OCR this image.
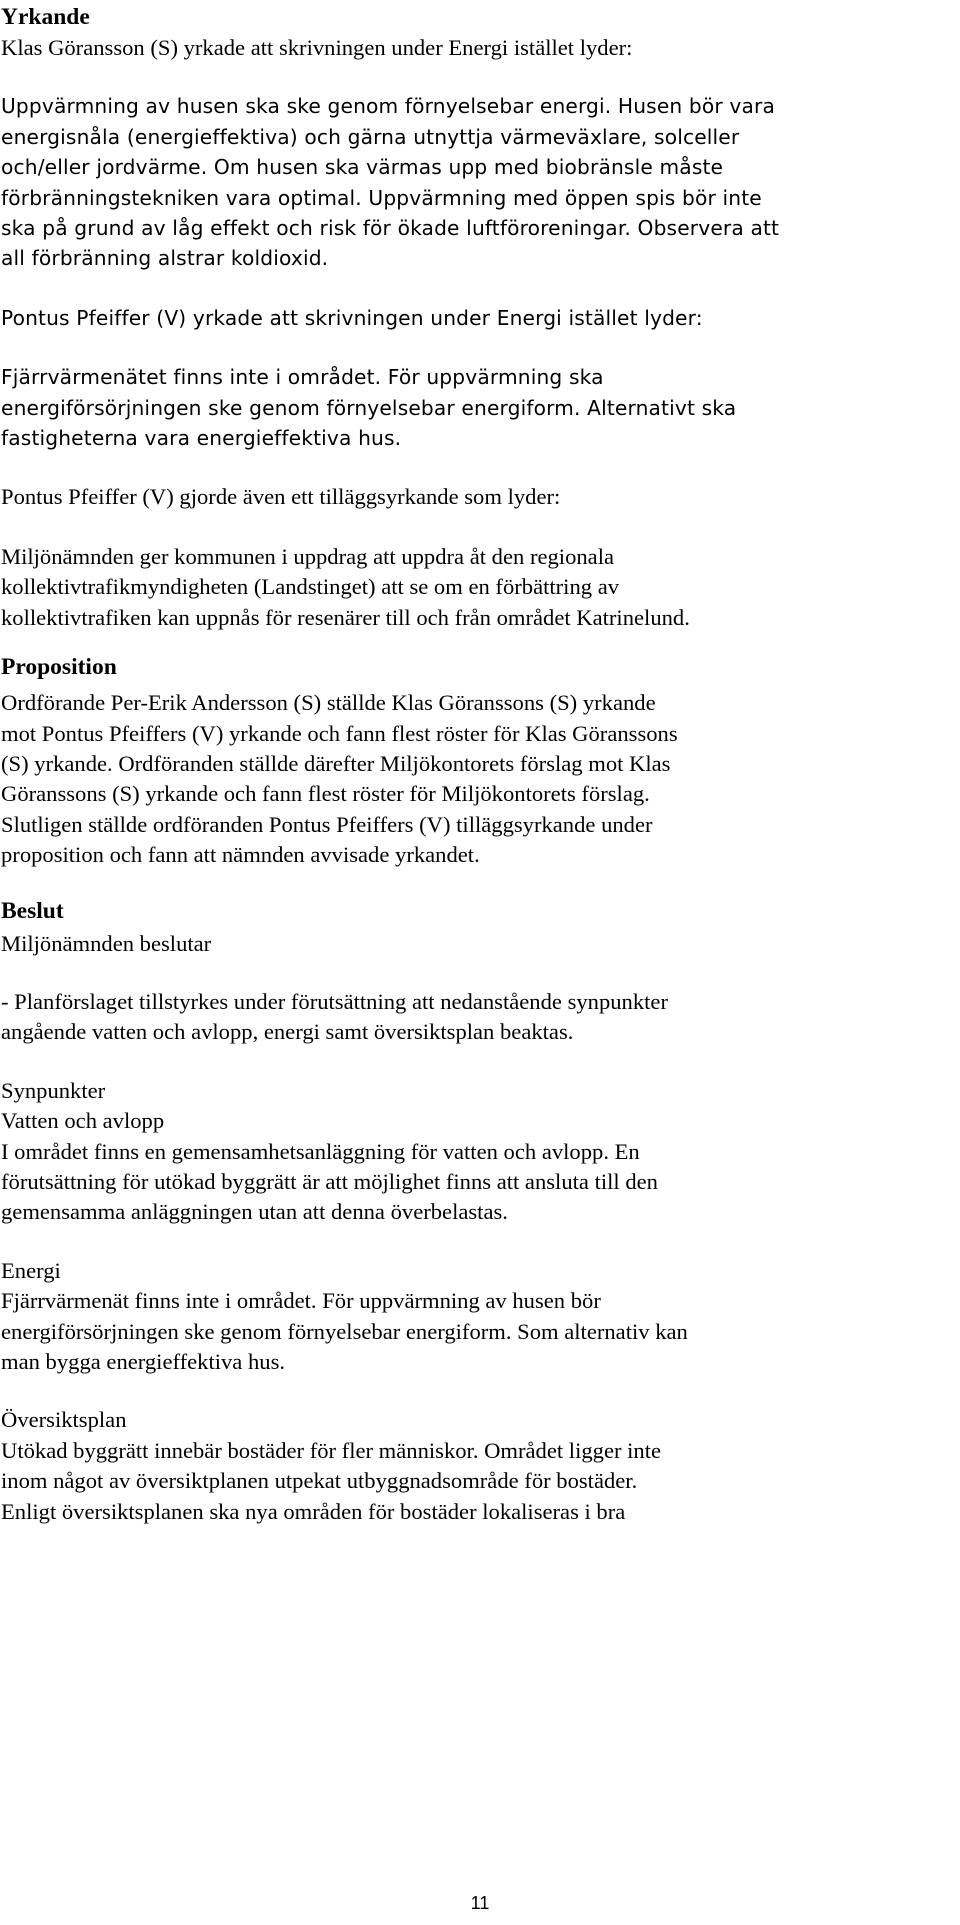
Yrkande
Klas Göransson (S) yrkade att skrivningen under Energi istället lyder:
Uppvärmning av husen ska ske genom förnyelsebar energi. Husen bör vara
energisnåla (energieffektiva) och gärna utnyttja värmeväxlare, solceller
och/eller jordvärme. Om husen ska värmas upp med biobränsle måste
förbränningstekniken vara optimal. Uppvärmning med öppen spis bör inte
ska på grund av låg effekt och risk för ökade luftföroreningar. Observera att
all förbränning alstrar koldioxid.
Pontus Pfeiffer (V) yrkade att skrivningen under Energi istället lyder:
Fjärrvärmenätet finns inte i området. För uppvärmning ska
energiförsörjningen ske genom förnyelsebar energiform. Alternativt ska
fastigheterna vara energieffektiva hus.
Pontus Pfeiffer (V) gjorde även ett tilläggsyrkande som lyder:
Miljönämnden ger kommunen i uppdrag att uppdra åt den regionala
kollektivtrafikmyndigheten (Landstinget) att se om en förbättring av
kollektivtrafiken kan uppnås för resenärer till och från området Katrinelund.
Proposition
Ordförande Per-Erik Andersson (S) ställde Klas Göranssons (S) yrkande
mot Pontus Pfeiffers (V) yrkande och fann flest röster för Klas Göranssons
(S) yrkande. Ordföranden ställde därefter Miljökontorets förslag mot Klas
Göranssons (S) yrkande och fann flest röster för Miljökontorets förslag.
Slutligen ställde ordföranden Pontus Pfeiffers (V) tilläggsyrkande under
proposition och fann att nämnden avvisade yrkandet.
Beslut
Miljönämnden beslutar
- Planförslaget tillstyrkes under förutsättning att nedanstående synpunkter
angående vatten och avlopp, energi samt översiktsplan beaktas.
Synpunkter
Vatten och avlopp
I området finns en gemensamhetsanläggning för vatten och avlopp. En
förutsättning för utökad byggrätt är att möjlighet finns att ansluta till den
gemensamma anläggningen utan att denna överbelastas.
Energi
Fjärrvärmenät finns inte i området. För uppvärmning av husen bör
energiförsörjningen ske genom förnyelsebar energiform. Som alternativ kan
man bygga energieffektiva hus.
Översiktsplan
Utökad byggrätt innebär bostäder för fler människor. Området ligger inte
inom något av översiktplanen utpekat utbyggnadsområde för bostäder.
Enligt översiktsplanen ska nya områden för bostäder lokaliseras i bra
11
